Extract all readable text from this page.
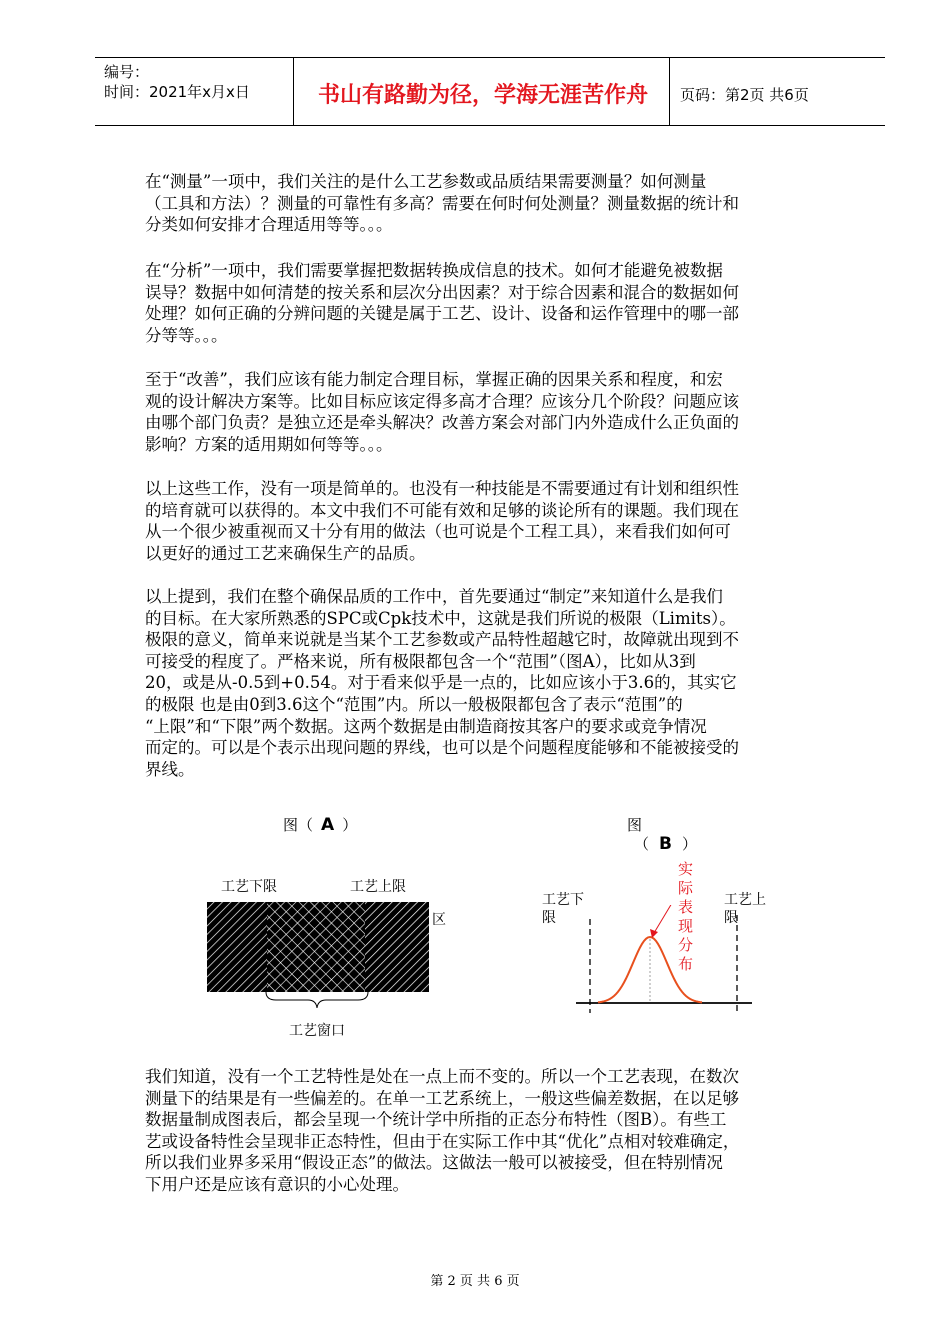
编号：
时间：2021年x月x日	书山有路勤为径，学海无涯苦作舟	页码：第2页 共6页
在“测量”一项中，我们关注的是什么工艺参数或品质结果需要测量？如何测量
（工具和方法）？测量的可靠性有多高？需要在何时何处测量？测量数据的统计和
分类如何安排才合理适用等等。。。
在“分析”一项中，我们需要掌握把数据转换成信息的技术。如何才能避免被数据
误导？数据中如何清楚的按关系和层次分出因素？对于综合因素和混合的数据如何
处理？如何正确的分辨问题的关键是属于工艺、设计、设备和运作管理中的哪一部
分等等。。。
至于“改善”，我们应该有能力制定合理目标，掌握正确的因果关系和程度，和宏
观的设计解决方案等。比如目标应该定得多高才合理？应该分几个阶段？问题应该
由哪个部门负责？是独立还是牵头解决？改善方案会对部门内外造成什么正负面的
影响？方案的适用期如何等等。。。
以上这些工作，没有一项是简单的。也没有一种技能是不需要通过有计划和组织性
的培育就可以获得的。本文中我们不可能有效和足够的谈论所有的课题。我们现在
从一个很少被重视而又十分有用的做法（也可说是个工程工具），来看我们如何可
以更好的通过工艺来确保生产的品质。
以上提到，我们在整个确保品质的工作中，首先要通过“制定”来知道什么是我们
的目标。在大家所熟悉的SPC或Cpk技术中，这就是我们所说的极限（Limits）。
极限的意义，简单来说就是当某个工艺参数或产品特性超越它时，故障就出现到不
可接受的程度了。严格来说，所有极限都包含一个“范围”（图A），比如从3到
20，或是从-0.5到+0.54。对于看来似乎是一点的，比如应该小于3.6的，其实它
的极限 也是由0到3.6这个“范围”内。所以一般极限都包含了表示“范围”的
“上限”和“下限”两个数据。这两个数据是由制造商按其客户的要求或竞争情况
而定的。可以是个表示出现问题的界线，也可以是个问题程度能够和不能被接受的
界线。
图（ A ）
工艺下限	工艺上限
区
工艺窗口
图
（ B ）
工艺下
限
工艺上
限
实
际
表
现
分
布
我们知道，没有一个工艺特性是处在一点上而不变的。所以一个工艺表现，在数次
测量下的结果是有一些偏差的。在单一工艺系统上，一般这些偏差数据，在以足够
数据量制成图表后，都会呈现一个统计学中所指的正态分布特性（图B）。有些工
艺或设备特性会呈现非正态特性，但由于在实际工作中其“优化”点相对较难确定，
所以我们业界多采用“假设正态”的做法。这做法一般可以被接受，但在特别情况
下用户还是应该有意识的小心处理。
第 2 页 共 6 页
